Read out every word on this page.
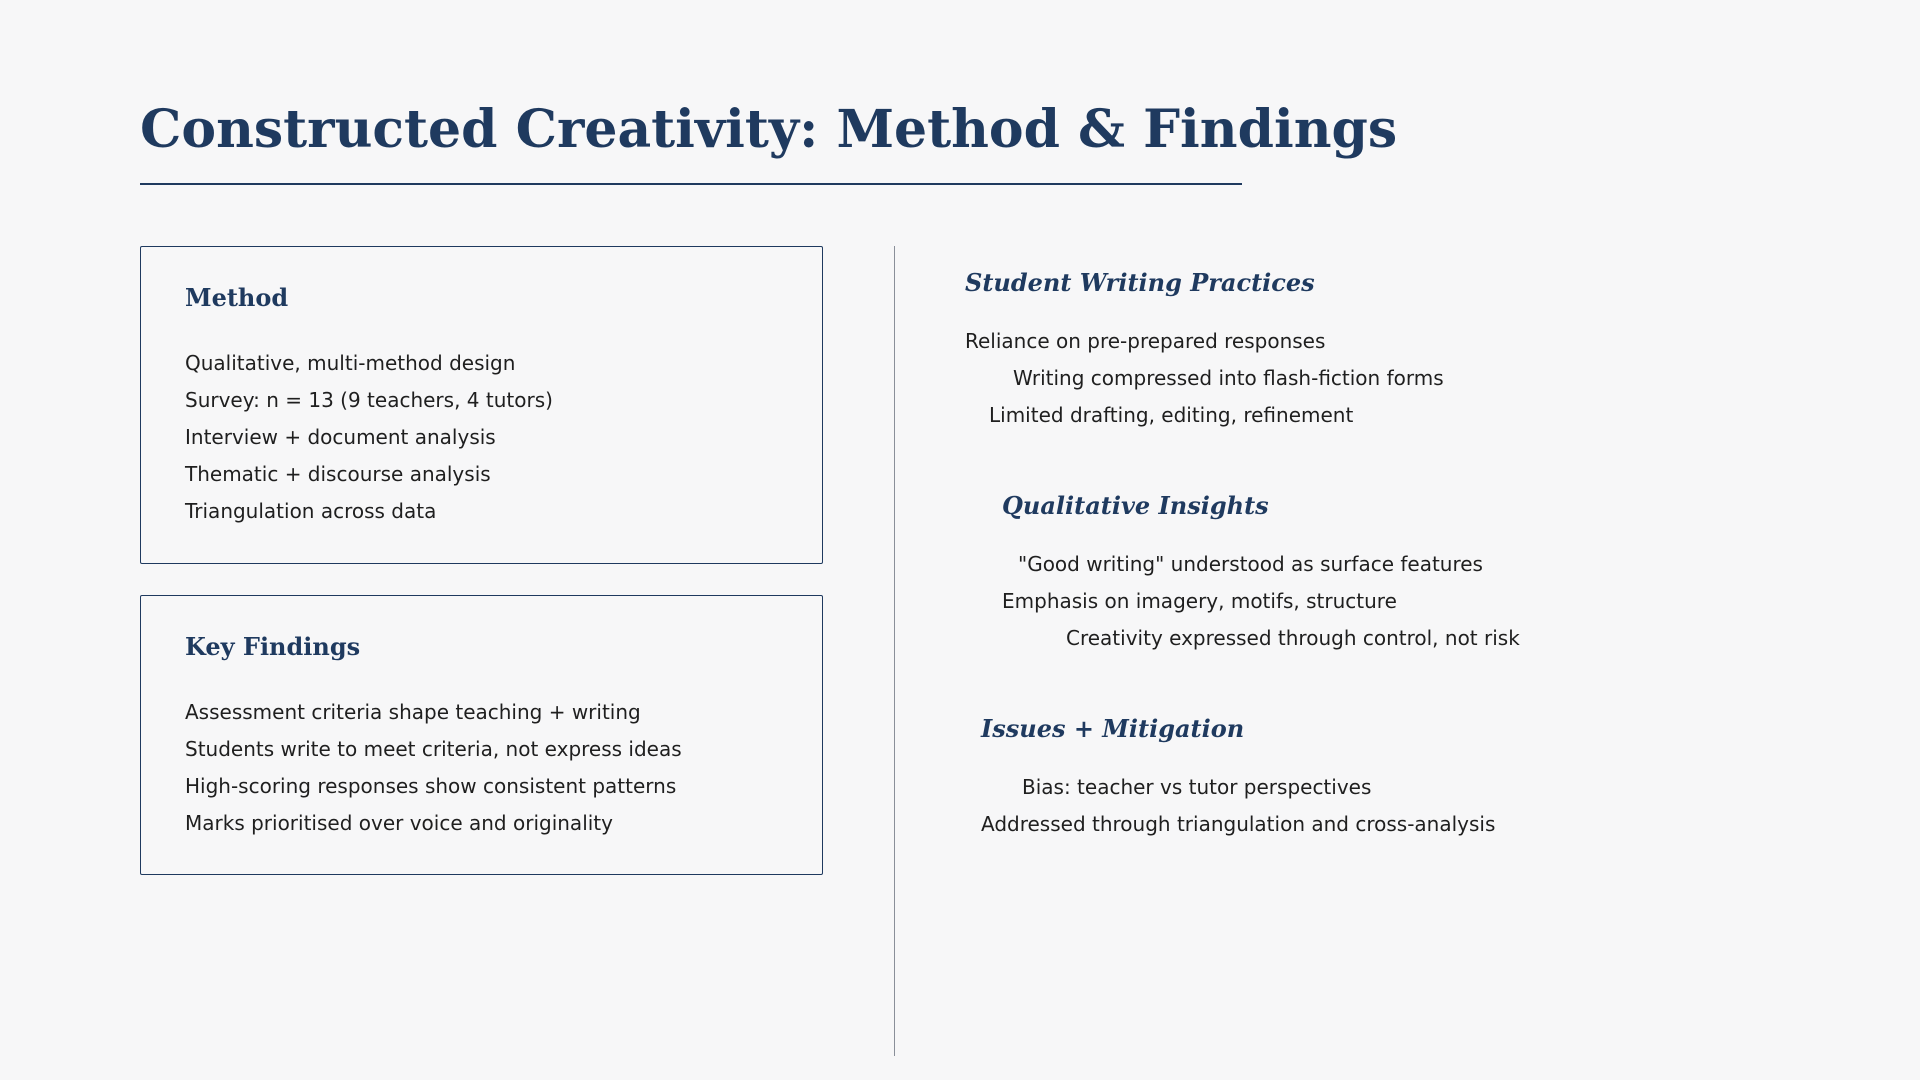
Constructed Creativity: Method & Findings
Method
Qualitative, multi-method design
Survey: n = 13 (9 teachers, 4 tutors)
Interview + document analysis
Thematic + discourse analysis
Triangulation across data
Key Findings
Assessment criteria shape teaching + writing
Students write to meet criteria, not express ideas
High-scoring responses show consistent patterns
Marks prioritised over voice and originality
Student Writing Practices
Reliance on pre-prepared responses
Writing compressed into flash-fiction forms
Limited drafting, editing, refinement
Qualitative Insights
"Good writing" understood as surface features
Emphasis on imagery, motifs, structure
Creativity expressed through control, not risk
Issues + Mitigation
Bias: teacher vs tutor perspectives
Addressed through triangulation and cross-analysis
